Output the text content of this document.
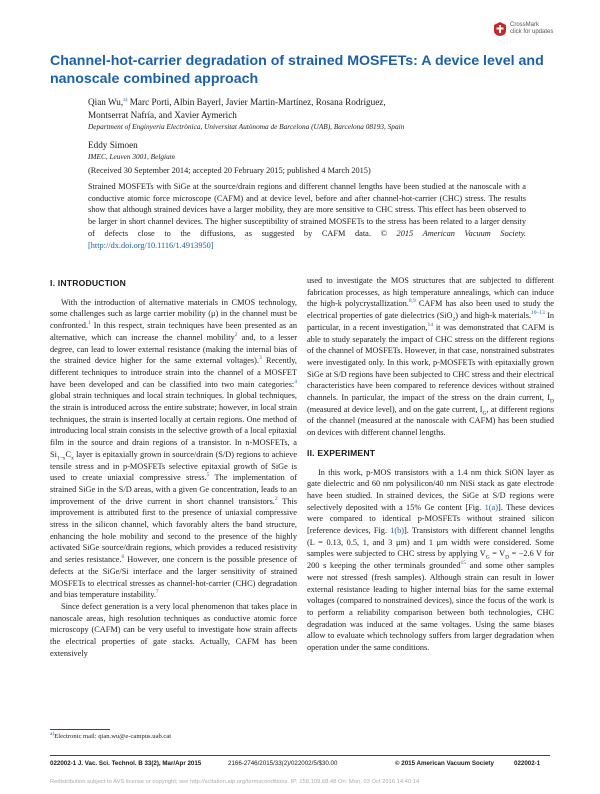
CrossMark
click for updates
Channel-hot-carrier degradation of strained MOSFETs: A device level and nanoscale combined approach
Qian Wu,$^{a)}$ Marc Porti, Albin Bayerl, Javier Martin-Martínez, Rosana Rodriguez,
Montserrat Nafría, and Xavier Aymerich
Department of Enginyeria Electrònica, Universitat Autònoma de Barcelona (UAB), Barcelona 08193, Spain
Eddy Simoen
IMEC, Leuven 3001, Belgium
(Received 30 September 2014; accepted 20 February 2015; published 4 March 2015)

Strained MOSFETs with SiGe at the source/drain regions and different channel lengths have been studied at the nanoscale with a conductive atomic force microscope (CAFM) and at device level, before and after channel-hot-carrier (CHC) stress. The results show that although strained devices have a larger mobility, they are more sensitive to CHC stress. This effect has been observed to be larger in short channel devices. The higher susceptibility of strained MOSFETs to the stress has been related to a larger density of defects close to the diffusions, as suggested by CAFM data. © 2015 American Vacuum Society. [http://dx.doi.org/10.1116/1.4913950]

I. INTRODUCTION

With the introduction of alternative materials in CMOS technology, some challenges such as large carrier mobility (μ) in the channel must be confronted.$^1$ In this respect, strain techniques have been presented as an alternative, which can increase the channel mobility$^2$ and, to a lesser degree, can lead to lower external resistance (making the internal bias of the strained device higher for the same external voltages).$^3$ Recently, different techniques to introduce strain into the channel of a MOSFET have been developed and can be classified into two main categories:$^4$ global strain techniques and local strain techniques. In global techniques, the strain is introduced across the entire substrate; however, in local strain techniques, the strain is inserted locally at certain regions. One method of introducing local strain consists in the selective growth of a local epitaxial film in the source and drain regions of a transistor. In n-MOSFETs, a $Si_{1-x}C_x$ layer is epitaxially grown in source/drain (S/D) regions to achieve tensile stress and in p-MOSFETs selective epitaxial growth of SiGe is used to create uniaxial compressive stress.$^5$ The implementation of strained SiGe in the S/D areas, with a given Ge concentration, leads to an improvement of the drive current in short channel transistors.$^2$ This improvement is attributed first to the presence of uniaxial compressive stress in the silicon channel, which favorably alters the band structure, enhancing the hole mobility and second to the presence of the highly activated SiGe source/drain regions, which provides a reduced resistivity and series resistance.$^6$ However, one concern is the possible presence of defects at the SiGe/Si interface and the larger sensitivity of strained MOSFETs to electrical stresses as channel-hot-carrier (CHC) degradation and bias temperature instability.$^7$

Since defect generation is a very local phenomenon that takes place in nanoscale areas, high resolution techniques as conductive atomic force microscopy (CAFM) can be very useful to investigate how strain affects the electrical properties of gate stacks. Actually, CAFM has been extensively

used to investigate the MOS structures that are subjected to different fabrication processes, as high temperature annealings, which can induce the high-k polycrystallization.$^{8,9}$ CAFM has also been used to study the electrical properties of gate dielectrics (SiO$_2$) and high-k materials.$^{10-13}$ In particular, in a recent investigation,$^{14}$ it was demonstrated that CAFM is able to study separately the impact of CHC stress on the different regions of the channel of MOSFETs. However, in that case, nonstrained substrates were investigated only. In this work, p-MOSFETs with epitaxially grown SiGe at S/D regions have been subjected to CHC stress and their electrical characteristics have been compared to reference devices without strained channels. In particular, the impact of the stress on the drain current, $I_D$ (measured at device level), and on the gate current, $I_G$, at different regions of the channel (measured at the nanoscale with CAFM) has been studied on devices with different channel lengths.

II. EXPERIMENT

In this work, p-MOS transistors with a 1.4 nm thick SiON layer as gate dielectric and 60 nm polysilicon/40 nm NiSi stack as gate electrode have been studied. In strained devices, the SiGe at S/D regions were selectively deposited with a 15% Ge content [Fig. 1(a)]. These devices were compared to identical p-MOSFETs without strained silicon [reference devices, Fig. 1(b)]. Transistors with different channel lengths (L = 0.13, 0.5, 1, and 3 μm) and 1 μm width were considered. Some samples were subjected to CHC stress by applying $V_G = V_D = -2.6$ V for 200 s keeping the other terminals grounded$^{15}$ and some other samples were not stressed (fresh samples). Although strain can result in lower external resistance leading to higher internal bias for the same external voltages (compared to nonstrained devices), since the focus of the work is to perform a reliability comparison between both technologies, CHC degradation was induced at the same voltages. Using the same biases allow to evaluate which technology suffers from larger degradation when operation under the same conditions.

$^{a)}$Electronic mail: qian.wu@e-campus.uab.cat
022002-1 J. Vac. Sci. Technol. B 33(2), Mar/Apr 2015	2166-2746/2015/33(2)/022002/5/$30.00	© 2015 American Vacuum Society	022002-1
Redistribution subject to AVS license or copyright; see http://scitation.aip.org/termsconditions. IP: 158.109.68.48 On: Mon, 03 Oct 2016 14:40:14
